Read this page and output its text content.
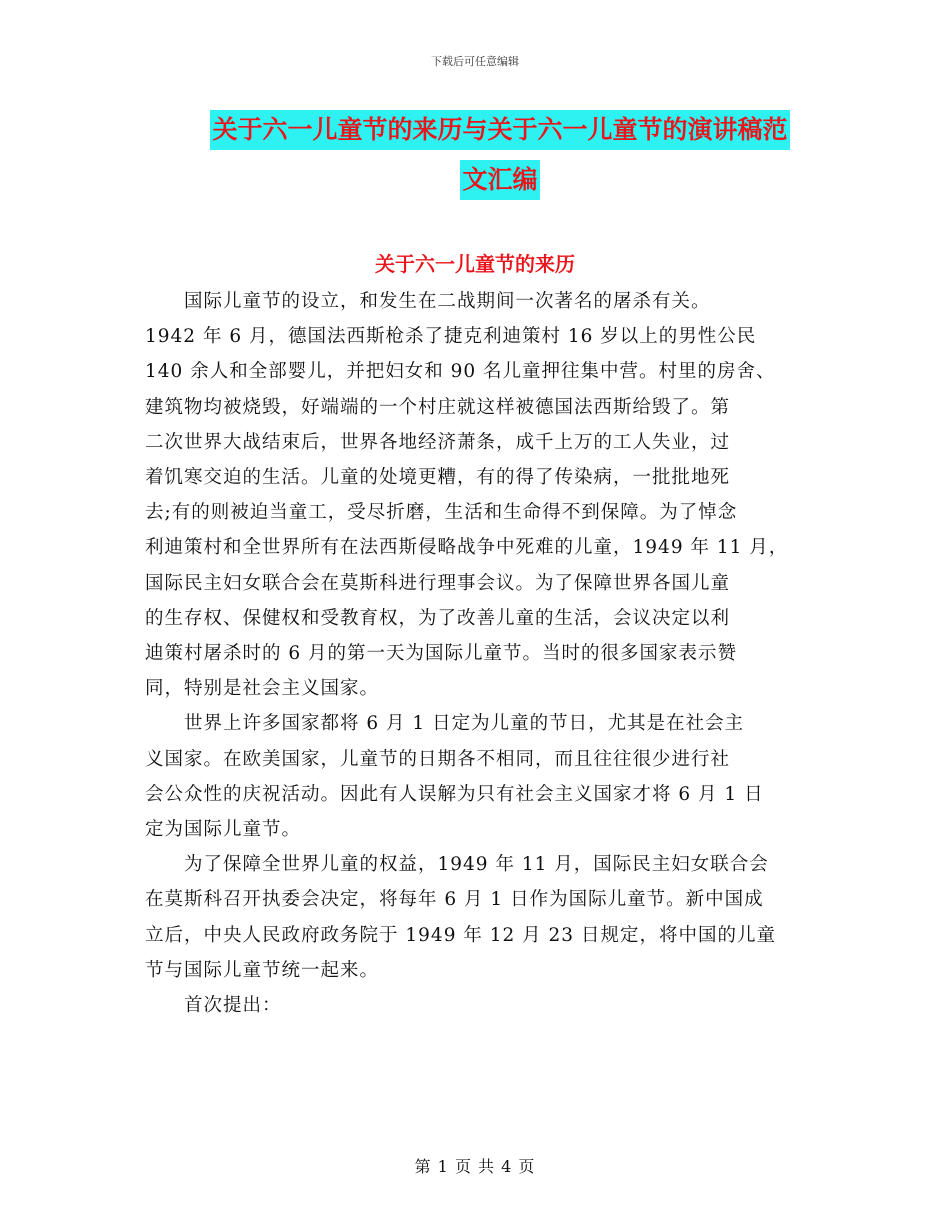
下载后可任意编辑
关于六一儿童节的来历与关于六一儿童节的演讲稿范
文汇编
关于六一儿童节的来历
　　国际儿童节的设立，和发生在二战期间一次著名的屠杀有关。
1942 年 6 月，德国法西斯枪杀了捷克利迪策村 16 岁以上的男性公民
140 余人和全部婴儿，并把妇女和 90 名儿童押往集中营。村里的房舍、
建筑物均被烧毁，好端端的一个村庄就这样被德国法西斯给毁了。第
二次世界大战结束后，世界各地经济萧条，成千上万的工人失业，过
着饥寒交迫的生活。儿童的处境更糟，有的得了传染病，一批批地死
去;有的则被迫当童工，受尽折磨，生活和生命得不到保障。为了悼念
利迪策村和全世界所有在法西斯侵略战争中死难的儿童，1949 年 11 月，
国际民主妇女联合会在莫斯科进行理事会议。为了保障世界各国儿童
的生存权、保健权和受教育权，为了改善儿童的生活，会议决定以利
迪策村屠杀时的 6 月的第一天为国际儿童节。当时的很多国家表示赞
同，特别是社会主义国家。
　　世界上许多国家都将 6 月 1 日定为儿童的节日，尤其是在社会主
义国家。在欧美国家，儿童节的日期各不相同，而且往往很少进行社
会公众性的庆祝活动。因此有人误解为只有社会主义国家才将 6 月 1 日
定为国际儿童节。
　　为了保障全世界儿童的权益，1949 年 11 月，国际民主妇女联合会
在莫斯科召开执委会决定，将每年 6 月 1 日作为国际儿童节。新中国成
立后，中央人民政府政务院于 1949 年 12 月 23 日规定，将中国的儿童
节与国际儿童节统一起来。
　　首次提出：
第 1 页 共 4 页
